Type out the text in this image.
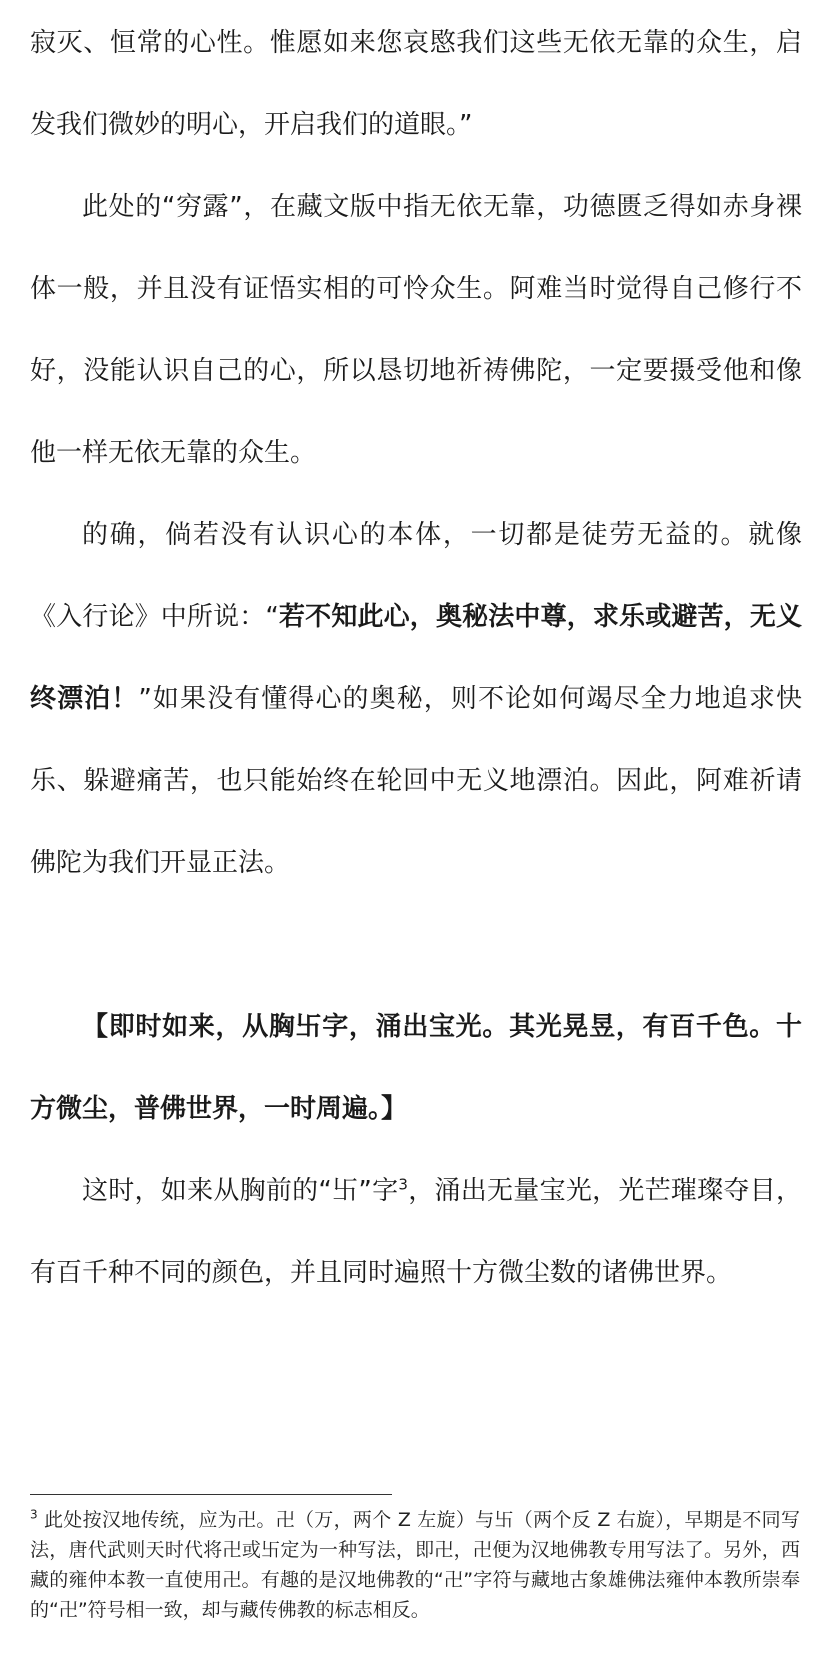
寂灭、恒常的心性。惟愿如来您哀愍我们这些无依无靠的众生，启发我们微妙的明心，开启我们的道眼。”

此处的“穷露”，在藏文版中指无依无靠，功德匮乏得如赤身裸体一般，并且没有证悟实相的可怜众生。阿难当时觉得自己修行不好，没能认识自己的心，所以恳切地祈祷佛陀，一定要摄受他和像他一样无依无靠的众生。

的确，倘若没有认识心的本体，一切都是徒劳无益的。就像《入行论》中所说：“若不知此心，奥秘法中尊，求乐或避苦，无义终漂泊！”如果没有懂得心的奥秘，则不论如何竭尽全力地追求快乐、躲避痛苦，也只能始终在轮回中无义地漂泊。因此，阿难祈请佛陀为我们开显正法。

【即时如来，从胸卐字，涌出宝光。其光晃昱，有百千色。十方微尘，普佛世界，一时周遍。】

这时，如来从胸前的“卐”字$^3$，涌出无量宝光，光芒璀璨夺目，有百千种不同的颜色，并且同时遍照十方微尘数的诸佛世界。

$^3$ 此处按汉地传统，应为卍。卍（万，两个 Z 左旋）与卐（两个反 Z 右旋），早期是不同写法，唐代武则天时代将卍或卐定为一种写法，即卍，卍便为汉地佛教专用写法了。另外，西藏的雍仲本教一直使用卍。有趣的是汉地佛教的“卍”字符与藏地古象雄佛法雍仲本教所崇奉的“卍”符号相一致，却与藏传佛教的标志相反。
